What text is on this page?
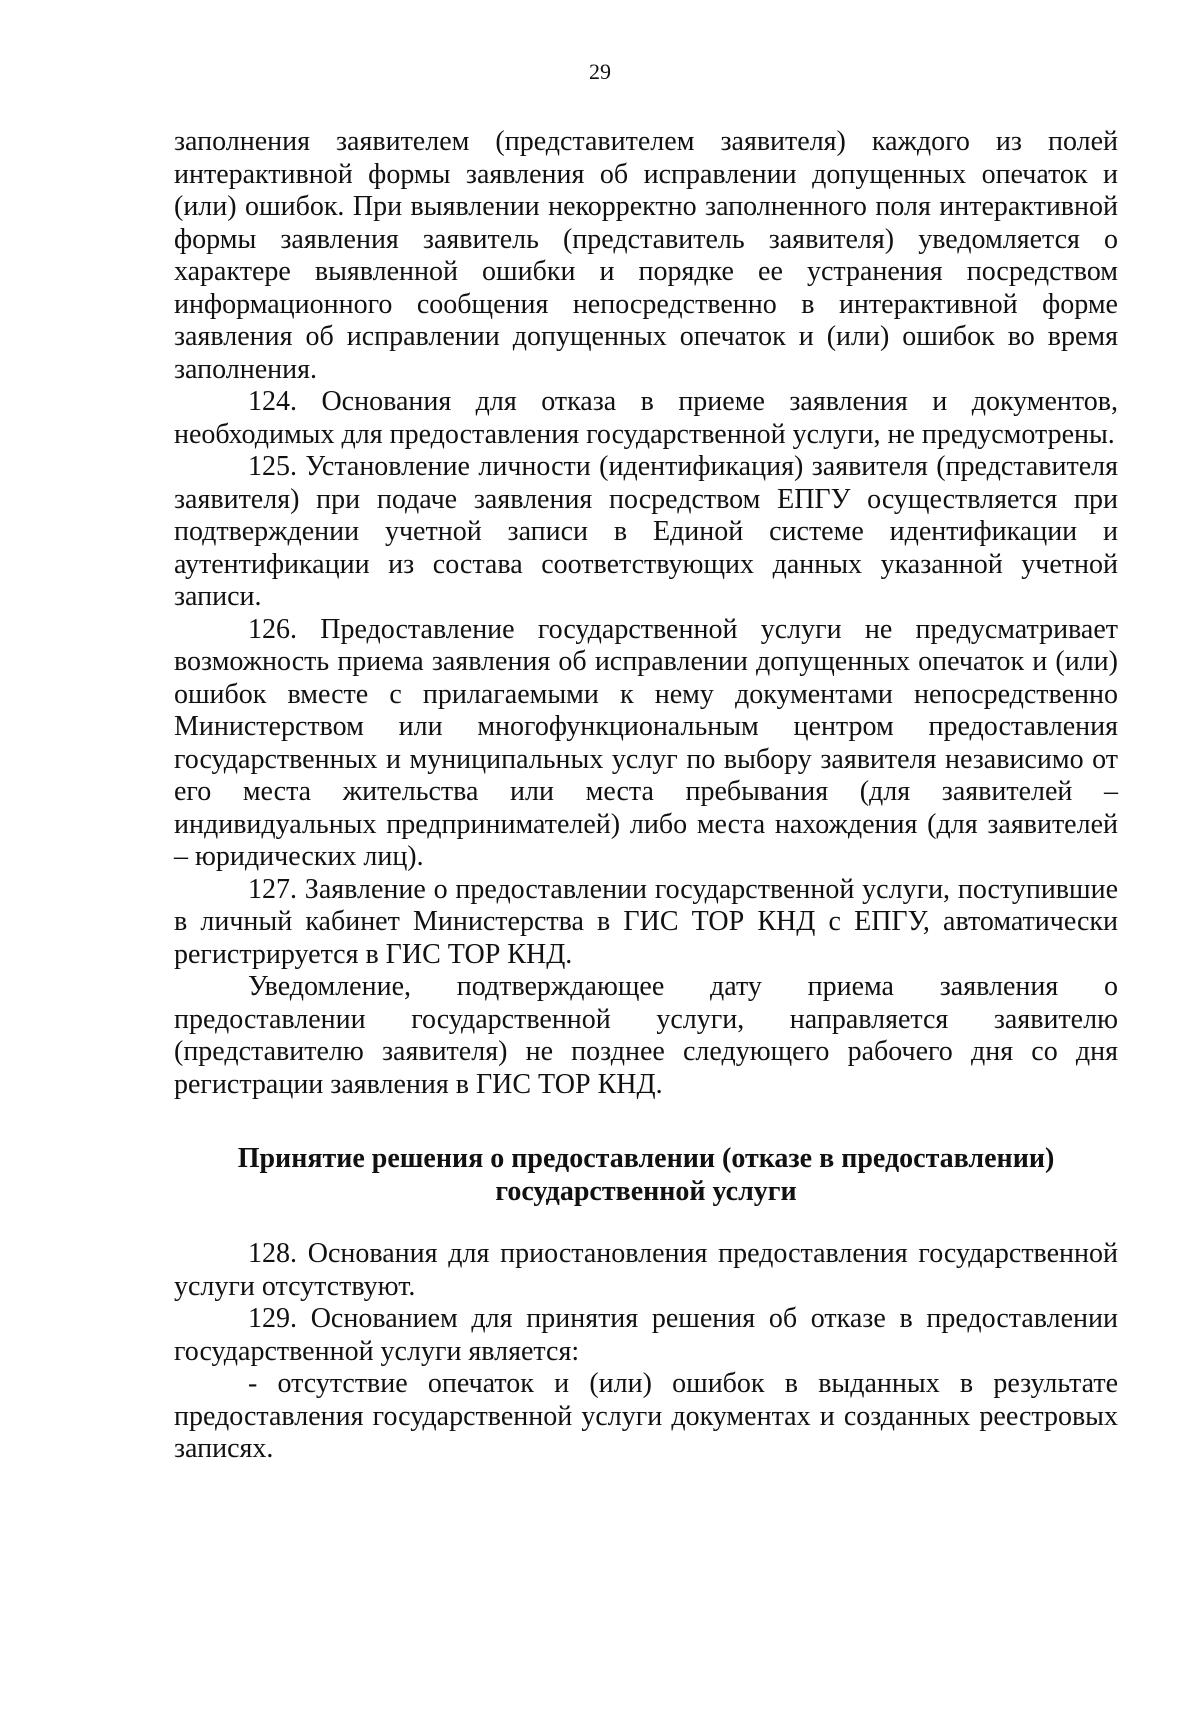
29

заполнения заявителем (представителем заявителя) каждого из полей интерактивной формы заявления об исправлении допущенных опечаток и (или) ошибок. При выявлении некорректно заполненного поля интерактивной формы заявления заявитель (представитель заявителя) уведомляется о характере выявленной ошибки и порядке ее устранения посредством информационного сообщения непосредственно в интерактивной форме заявления об исправлении допущенных опечаток и (или) ошибок во время заполнения.

124. Основания для отказа в приеме заявления и документов, необходимых для предоставления государственной услуги, не предусмотрены.

125. Установление личности (идентификация) заявителя (представителя заявителя) при подаче заявления посредством ЕПГУ осуществляется при подтверждении учетной записи в Единой системе идентификации и аутентификации из состава соответствующих данных указанной учетной записи.

126. Предоставление государственной услуги не предусматривает возможность приема заявления об исправлении допущенных опечаток и (или) ошибок вместе с прилагаемыми к нему документами непосредственно Министерством или многофункциональным центром предоставления государственных и муниципальных услуг по выбору заявителя независимо от его места жительства или места пребывания (для заявителей – индивидуальных предпринимателей) либо места нахождения (для заявителей – юридических лиц).

127. Заявление о предоставлении государственной услуги, поступившие в личный кабинет Министерства в ГИС ТОР КНД с ЕПГУ, автоматически регистрируется в ГИС ТОР КНД.

Уведомление, подтверждающее дату приема заявления о предоставлении государственной услуги, направляется заявителю (представителю заявителя) не позднее следующего рабочего дня со дня регистрации заявления в ГИС ТОР КНД.

Принятие решения о предоставлении (отказе в предоставлении)
государственной услуги

128. Основания для приостановления предоставления государственной услуги отсутствуют.

129. Основанием для принятия решения об отказе в предоставлении государственной услуги является:

- отсутствие опечаток и (или) ошибок в выданных в результате предоставления государственной услуги документах и созданных реестровых записях.
